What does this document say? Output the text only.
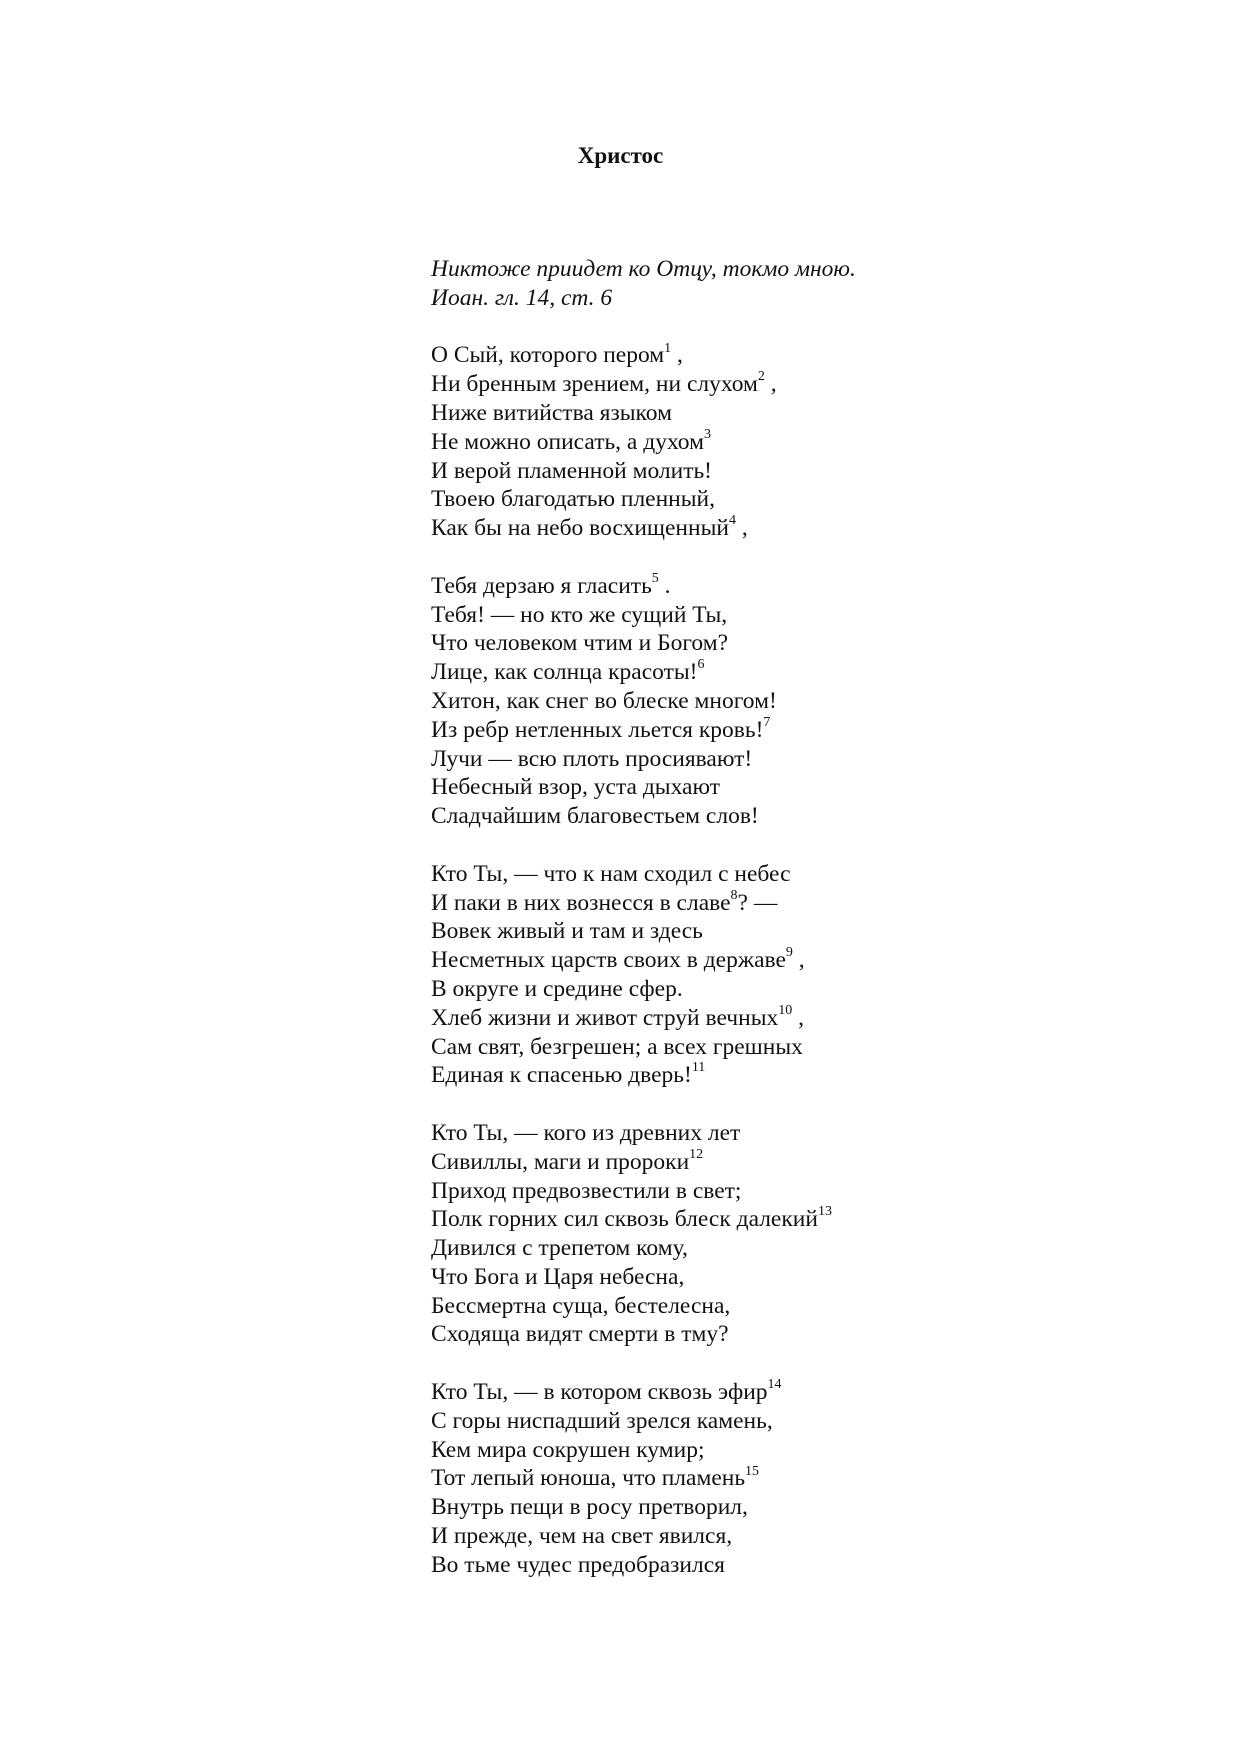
Христос
Никтоже приидет ко Отцу, токмо мною.
Иоан. гл. 14, ст. 6
О Сый, которого пером$^1$ ,
Ни бренным зрением, ни слухом$^2$ ,
Ниже витийства языком
Не можно описать, а духом$^3$
И верой пламенной молить!
Твоею благодатью пленный,
Как бы на небо восхищенный$^4$ ,
Тебя дерзаю я гласить$^5$ .
Тебя! — но кто же сущий Ты,
Что человеком чтим и Богом?
Лице, как солнца красоты!$^6$
Хитон, как снег во блеске многом!
Из ребр нетленных льется кровь!$^7$
Лучи — всю плоть просиявают!
Небесный взор, уста дыхают
Сладчайшим благовестьем слов!
Кто Ты, — что к нам сходил с небес
И паки в них вознесся в славе$^8$? —
Вовек живый и там и здесь
Несметных царств своих в державе$^9$ ,
В округе и средине сфер.
Хлеб жизни и живот струй вечных$^{10}$ ,
Сам свят, безгрешен; а всех грешных
Единая к спасенью дверь!$^{11}$
Кто Ты, — кого из древних лет
Сивиллы, маги и пророки$^{12}$
Приход предвозвестили в свет;
Полк горних сил сквозь блеск далекий$^{13}$
Дивился с трепетом кому,
Что Бога и Царя небесна,
Бессмертна суща, бестелесна,
Сходяща видят смерти в тму?
Кто Ты, — в котором сквозь эфир$^{14}$
С горы ниспадший зрелся камень,
Кем мира сокрушен кумир;
Тот лепый юноша, что пламень$^{15}$
Внутрь пещи в росу претворил,
И прежде, чем на свет явился,
Во тьме чудес предобразился
